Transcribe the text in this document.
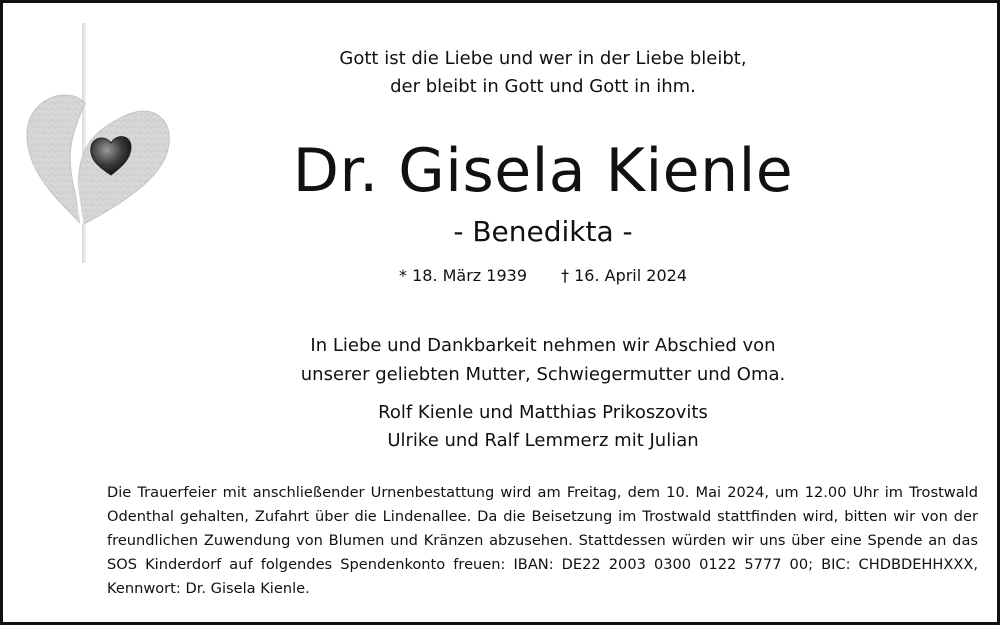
Gott ist die Liebe und wer in der Liebe bleibt,
der bleibt in Gott und Gott in ihm.
Dr. Gisela Kienle
- Benedikta -
* 18. März 1939 † 16. April 2024
In Liebe und Dankbarkeit nehmen wir Abschied von
unserer geliebten Mutter, Schwiegermutter und Oma.
Rolf Kienle und Matthias Prikoszovits
Ulrike und Ralf Lemmerz mit Julian
Die Trauerfeier mit anschließender Urnenbestattung wird am Freitag, dem 10. Mai 2024, um 12.00 Uhr im Trostwald Odenthal gehalten, Zufahrt über die Lindenallee. Da die Beisetzung im Trostwald stattfinden wird, bitten wir von der freundlichen Zuwendung von Blumen und Kränzen abzusehen. Stattdessen würden wir uns über eine Spende an das SOS Kinderdorf auf folgendes Spendenkonto freuen: IBAN: DE22 2003 0300 0122 5777 00; BIC: CHDBDEHHXXX, Kennwort: Dr. Gisela Kienle.
